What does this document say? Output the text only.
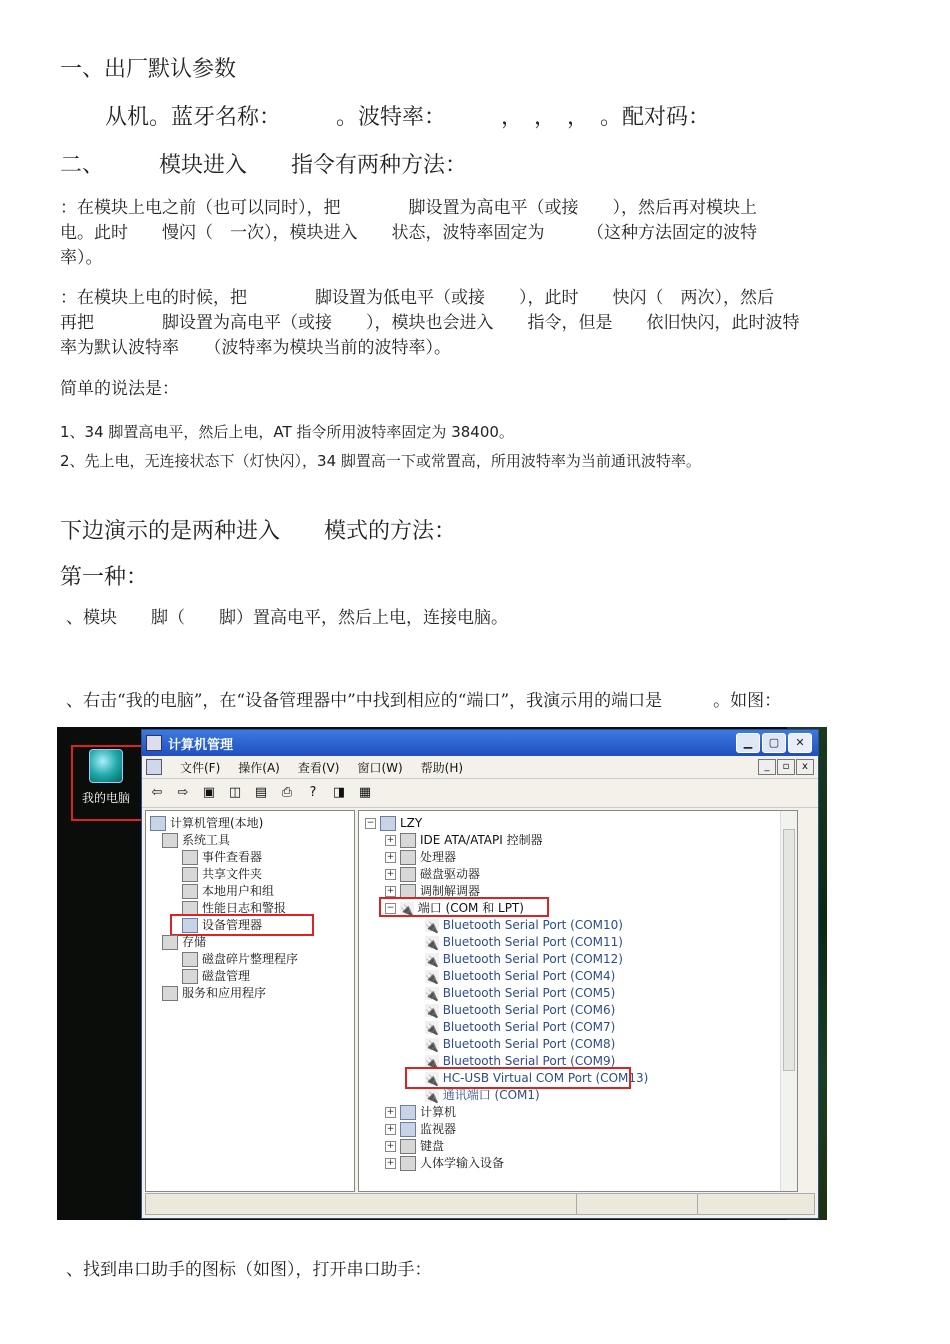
一、出厂默认参数
从机。蓝牙名称：　　　。波特率：　　　，　，　，　。配对码：
二、　　　模块进入　　指令有两种方法：
：在模块上电之前（也可以同时），把　　　　脚设置为高电平（或接　　），然后再对模块上
电。此时　　慢闪（　一次），模块进入　　状态，波特率固定为　　　（这种方法固定的波特
率）。
：在模块上电的时候，把　　　　脚设置为低电平（或接　　），此时　　快闪（　两次），然后
再把　　　　脚设置为高电平（或接　　），模块也会进入　　指令，但是　　依旧快闪，此时波特
率为默认波特率　　（波特率为模块当前的波特率）。
简单的说法是：
1、34 脚置高电平，然后上电，AT 指令所用波特率固定为 38400。
2、先上电，无连接状态下（灯快闪），34 脚置高一下或常置高，所用波特率为当前通讯波特率。
下边演示的是两种进入　　模式的方法：
第一种：
、模块　　脚（　　脚）置高电平，然后上电，连接电脑。
、右击“我的电脑”，在“设备管理器中”中找到相应的“端口”，我演示用的端口是　　　。如图：
、找到串口助手的图标（如图），打开串口助手：
我的电脑
计算机管理	▁	▢	✕
文件(F) 操作(A) 查看(V) 窗口(W) 帮助(H)	_	▫	x
⇦ ⇨ ▣ ◫ ▤ ⎙	?	◨ ▦
计算机管理(本地)
系统工具
事件查看器
共享文件夹
本地用户和组
性能日志和警报
设备管理器
存储
磁盘碎片整理程序
磁盘管理
服务和应用程序
− LZY
+ IDE ATA/ATAPI 控制器
+ 处理器
+ 磁盘驱动器
+ 调制解调器
− 🔌 端口 (COM 和 LPT)
🔌 Bluetooth Serial Port (COM10)
🔌 Bluetooth Serial Port (COM11)
🔌 Bluetooth Serial Port (COM12)
🔌 Bluetooth Serial Port (COM4)
🔌 Bluetooth Serial Port (COM5)
🔌 Bluetooth Serial Port (COM6)
🔌 Bluetooth Serial Port (COM7)
🔌 Bluetooth Serial Port (COM8)
🔌 Bluetooth Serial Port (COM9)
🔌 HC-USB Virtual COM Port (COM13)
🔌 通讯端口 (COM1)
+ 计算机
+ 监视器
+ 键盘
+ 人体学输入设备
